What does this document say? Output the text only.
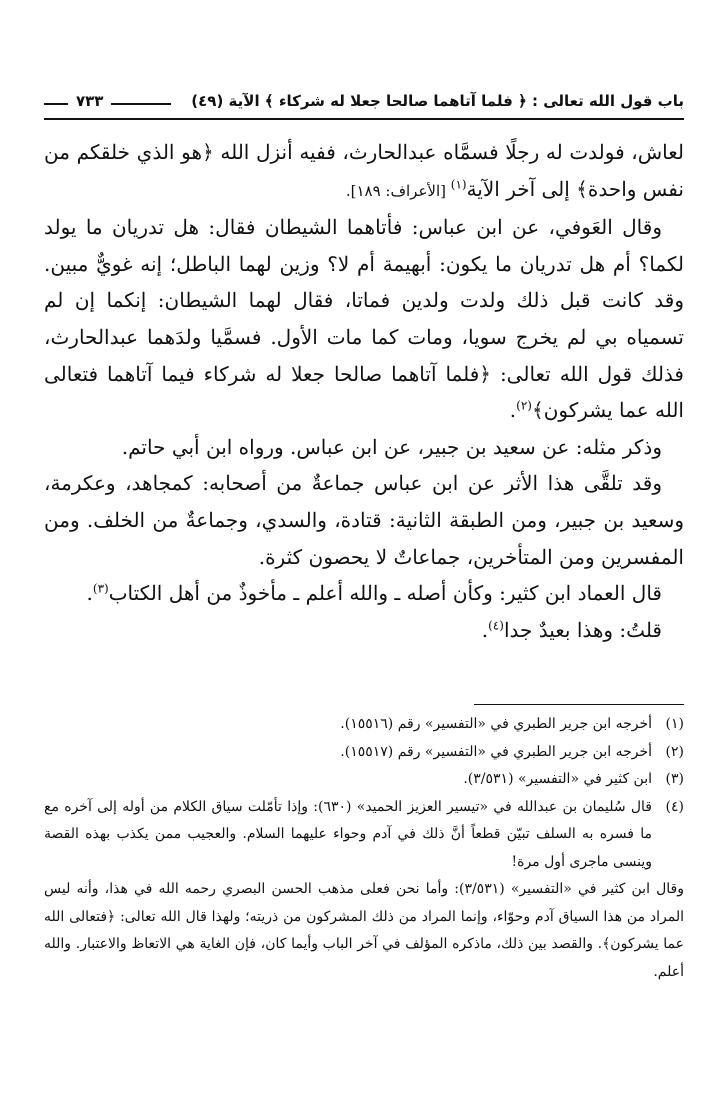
باب قول الله تعالى : ﴿ فلما آتاهما صالحا جعلا له شركاء ﴾ الآية (٤٩)
٧٣٣

لعاش، فولدت له رجلًا فسمَّاه عبدالحارث، ففيه أنزل الله ﴿هو الذي خلقكم من نفس واحدة﴾ إلى آخر الآية$^{(١)}$ [الأعراف: ١٨٩].

وقال العَوفي، عن ابن عباس: فأتاهما الشيطان فقال: هل تدريان ما يولد لكما؟ أم هل تدريان ما يكون: أبهيمة أم لا؟ وزين لهما الباطل؛ إنه غويٌّ مبين. وقد كانت قبل ذلك ولدت ولدين فماتا، فقال لهما الشيطان: إنكما إن لم تسمياه بي لم يخرج سويا، ومات كما مات الأول. فسمَّيا ولدَهما عبدالحارث، فذلك قول الله تعالى: ﴿فلما آتاهما صالحا جعلا له شركاء فيما آتاهما فتعالى الله عما يشركون﴾$^{(٢)}$.

وذكر مثله: عن سعيد بن جبير، عن ابن عباس. ورواه ابن أبي حاتم.

وقد تلقَّى هذا الأثر عن ابن عباس جماعةٌ من أصحابه: كمجاهد، وعكرمة، وسعيد بن جبير، ومن الطبقة الثانية: قتادة، والسدي، وجماعةٌ من الخلف. ومن المفسرين ومن المتأخرين، جماعاتٌ لا يحصون كثرة.

قال العماد ابن كثير: وكأن أصله ـ والله أعلم ـ مأخوذٌ من أهل الكتاب$^{(٣)}$.

قلتُ: وهذا بعيدٌ جدا$^{(٤)}$.

(١)
أخرجه ابن جرير الطبري في «التفسير» رقم (١٥٥١٦).
(٢)
أخرجه ابن جرير الطبري في «التفسير» رقم (١٥٥١٧).
(٣)
ابن كثير في «التفسير» (٣/٥٣١).
(٤)
قال سُليمان بن عبدالله في «تيسير العزيز الحميد» (٦٣٠): وإذا تأمّلت سياق الكلام من أوله إلى آخره مع ما فسره به السلف تبيّن قطعاً أنَّ ذلك في آدم وحواء عليهما السلام. والعجيب ممن يكذب بهذه القصة وينسى ماجرى أول مرة!
وقال ابن كثير في «التفسير» (٣/٥٣١): وأما نحن فعلى مذهب الحسن البصري رحمه الله في هذا، وأنه ليس المراد من هذا السياق آدم وحوّاء، وإنما المراد من ذلك المشركون من ذريته؛ ولهذا قال الله تعالى: ﴿فتعالى الله عما يشركون﴾. والقصد بين ذلك، ماذكره المؤلف في آخر الباب وأيما كان، فإن الغاية هي الاتعاظ والاعتبار. والله أعلم.
